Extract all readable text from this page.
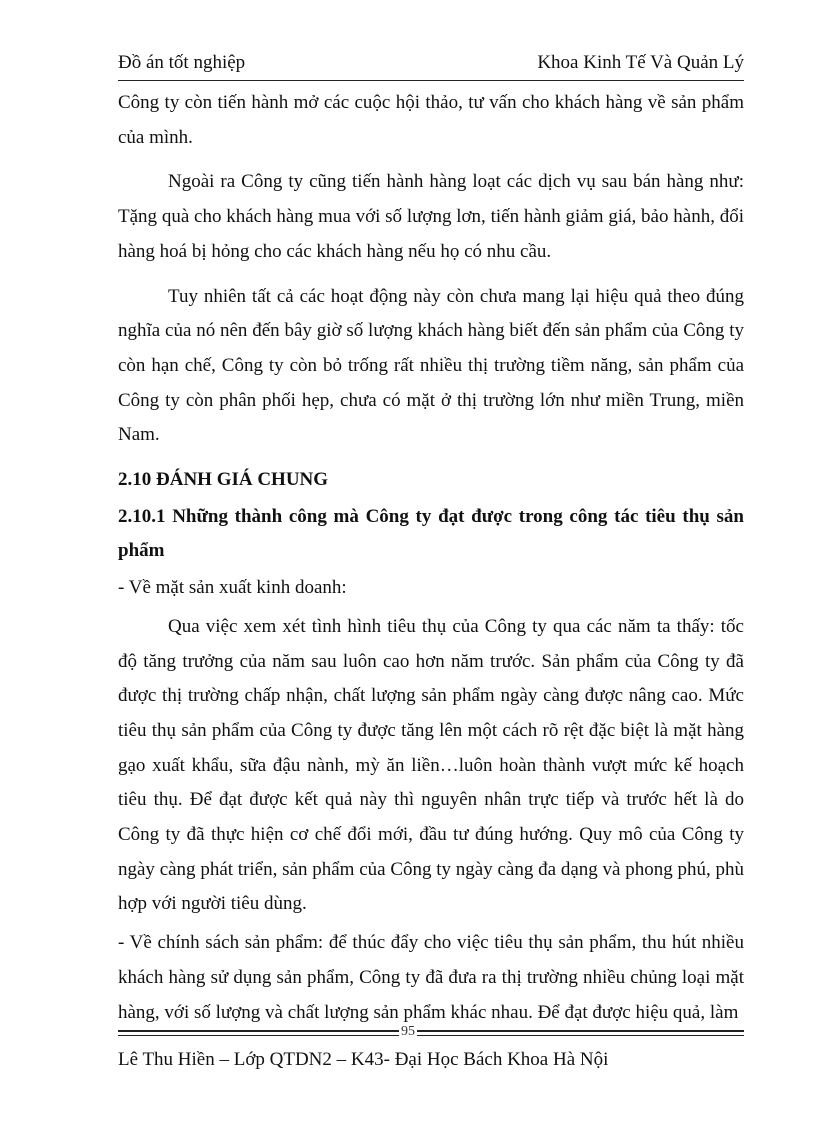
Đồ án tốt nghiệp	Khoa Kinh Tế Và Quản Lý

Công ty còn tiến hành mở các cuộc hội thảo, tư vấn cho khách hàng về sản phẩm của mình.

Ngoài ra Công ty cũng tiến hành hàng loạt các dịch vụ sau bán hàng như: Tặng quà cho khách hàng mua với số lượng lơn, tiến hành giảm giá, bảo hành, đổi hàng hoá bị hỏng cho các khách hàng nếu họ có nhu cầu.

Tuy nhiên tất cả các hoạt động này còn chưa mang lại hiệu quả theo đúng nghĩa của nó nên đến bây giờ số lượng khách hàng biết đến sản phẩm của Công ty còn hạn chế, Công ty còn bỏ trống rất nhiều thị trường tiềm năng, sản phẩm của Công ty còn phân phối hẹp, chưa có mặt ở thị trường lớn như miền Trung, miền Nam.

2.10 ĐÁNH GIÁ CHUNG

2.10.1 Những thành công mà Công ty đạt được trong công tác tiêu thụ sản phẩm

- Về mặt sản xuất kinh doanh:

Qua việc xem xét tình hình tiêu thụ của Công ty qua các năm ta thấy: tốc độ tăng trưởng của năm sau luôn cao hơn năm trước. Sản phẩm của Công ty đã được thị trường chấp nhận, chất lượng sản phẩm ngày càng được nâng cao. Mức tiêu thụ sản phẩm của Công ty được tăng lên một cách rõ rệt đặc biệt là mặt hàng gạo xuất khẩu, sữa đậu nành, mỳ ăn liền…luôn hoàn thành vượt mức kế hoạch tiêu thụ. Để đạt được kết quả này thì nguyên nhân trực tiếp và trước hết là do Công ty đã thực hiện cơ chế đổi mới, đầu tư đúng hướng. Quy mô của Công ty ngày càng phát triển, sản phẩm của Công ty ngày càng đa dạng và phong phú, phù hợp với người tiêu dùng.

- Về chính sách sản phẩm: để thúc đẩy cho việc tiêu thụ sản phẩm, thu hút nhiều khách hàng sử dụng sản phẩm, Công ty đã đưa ra thị trường nhiều chủng loại mặt hàng, với số lượng và chất lượng sản phẩm khác nhau. Để đạt được hiệu quả, làm

95
Lê Thu Hiền – Lớp QTDN2 – K43- Đại Học Bách Khoa Hà Nội
